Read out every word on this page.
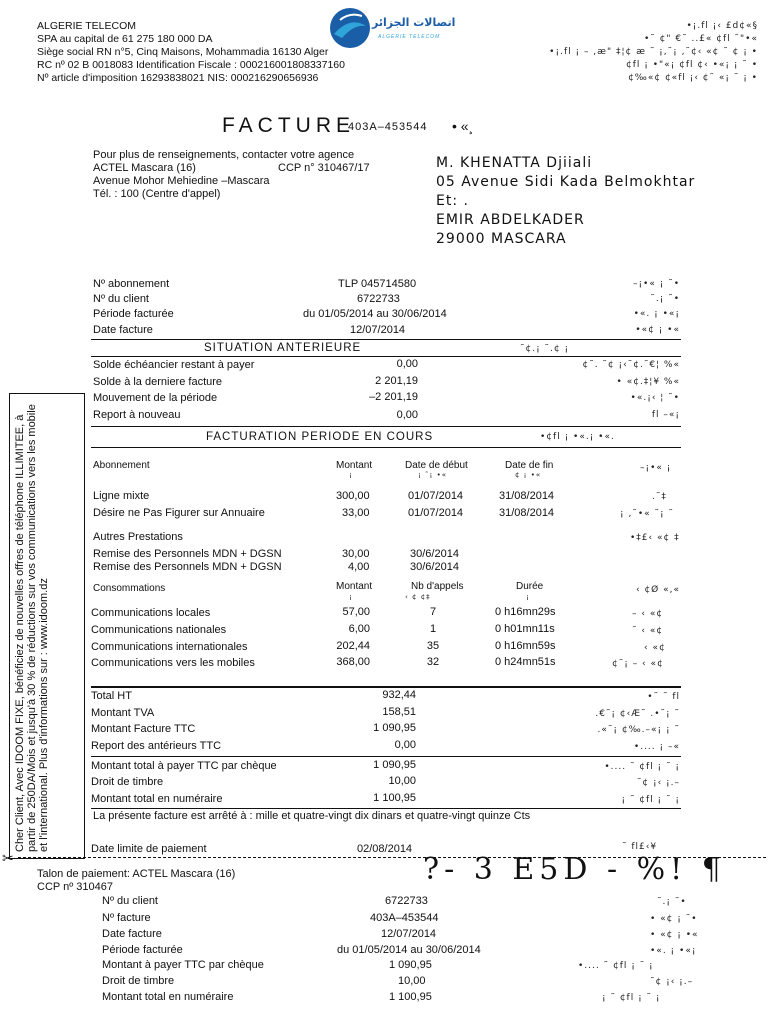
ALGERIE TELECOM
SPA au capital de 61 275 180 000 DA
Siège social RN n°5, Cinq Maisons, Mohammadia 16130 Alger
RC nº 02 B 0018083 Identification Fiscale : 000216001808337160
Nº article d'imposition 16293838021 NIS: 000216290656936
اتصالات الجزائر
ALGERIE TELECOM
•¡.fl ¡‹ £d¢«§
•˜ ¢" €˜ ..£« ¢fl ˜"•«
•¡.fl ¡ – ,æ" ‡¦¢ æ ˜ ¡,˜¡ ,˜¢‹ «¢ ˜ ¢ ¡ •
¢fl ¡ •"«¡ ¢fl ¢‹ •«¡ ¡ ˜ •
¢‰«¢ ¢«fl ¡‹ ¢˜ «¡ ˜ ¡ •
FACTURE
403A–453544 • «¸
Pour plus de renseignements, contacter votre agence
ACTEL Mascara (16)
Avenue Mohor Mehiedine –Mascara
Tél. : 100 (Centre d'appel)
CCP n° 310467/17	M. KHENATTA Djiiali
05 Avenue Sidi Kada Belmokhtar
Et: .
EMIR ABDELKADER
29000 MASCARA
Cher Client, Avec IDOOM FIXE, bénéficiez de nouvelles offres de téléphone ILLIMITEE, à partir de 250DA/Mois et jusqu'à 30 % de réductions sur vos communications vers les mobile et l'international. Plus d'informations sur : www.idoom.dz
Nº abonnement	TLP 045714580	–¡•« ¡ ˜•
Nº du client	6722733	˜.¡ ˜•
Période facturée	du 01/05/2014 au 30/06/2014	•«. ¡ •«¡
Date facture	12/07/2014	•«¢ ¡ •«
SITUATION ANTERIEURE	˜¢.¡ ˜.¢ ¡
Solde échéancier restant à payer	0,00	¢˜. ˜¢ ¡‹˜¢.˜€¦ %«
Solde à la derniere facture	2 201,19	• «¢.‡¦¥ %«
Mouvement de la période	–2 201,19	•«.¡‹ ¦ ˜•
Report à nouveau	0,00	fl –«¡
FACTURATION PERIODE EN COURS	•¢fl ¡ •«.¡ •«.
Abonnement	Montant	Date de début	Date de fin	–¡•« ¡
¡	¡ ˜¡ •«	¢ ¡ •«
Ligne mixte	300,00	01/07/2014	31/08/2014	.˜‡
Désire ne Pas Figurer sur Annuaire	33,00	01/07/2014	31/08/2014	¡ ,˜•« ˜¡ ˜
Autres Prestations	•‡£‹ «¢ ‡
Remise des Personnels MDN + DGSN	30,00	30/6/2014
Remise des Personnels MDN + DGSN	4,00	30/6/2014
Consommations	Montant	Nb d'appels	Durée	‹ ¢Ø «,«
¡	‹ ¢ ¢‡	¡
Communications locales	57,00	7	0 h16mn29s	– ‹ «¢
Communications nationales	6,00	1	0 h01mn11s	˜ ‹ «¢
Communications internationales	202,44	35	0 h16mn59s	‹ «¢
Communications vers les mobiles	368,00	32	0 h24mn51s	¢˜¡ – ‹ «¢
Total HT	932,44	•˜ ˜ fl
Montant TVA	158,51	.€˜¡ ¢‹Æ˜ .•˜¡ ˜
Montant Facture TTC	1 090,95	.«˜¡ ¢‰.–«¡ ¡ ˜
Report des antérieurs TTC	0,00	•.... ¡ –«
Montant total à payer TTC par chèque	1 090,95	•.... ˜ ¢fl ¡ ˜ ¡
Droit de timbre	10,00	˜¢ ¡‹ ¡.–
Montant total en numéraire	1 100,95	¡ ˜ ¢fl ¡ ˜ ¡
La présente facture est arrêté à : mille et quatre-vingt dix dinars et quatre-vingt quinze Cts
Date limite de paiement	02/08/2014	˜ fl£‹¥
✂	?- 3 E5D - %! ¶
Talon de paiement: ACTEL Mascara (16)
CCP nº 310467
Nº du client	6722733	˜.¡ ˜•
Nº facture	403A–453544	• «¢ ¡ ˜•
Date facture	12/07/2014	• «¢ ¡ •«
Période facturée	du 01/05/2014 au 30/06/2014	•«. ¡ •«¡
Montant à payer TTC par chèque	1 090,95	•.... ˜ ¢fl ¡ ˜ ¡
Droit de timbre	10,00	˜¢ ¡‹ ¡.–
Montant total en numéraire	1 100,95	¡ ˜ ¢fl ¡ ˜ ¡
